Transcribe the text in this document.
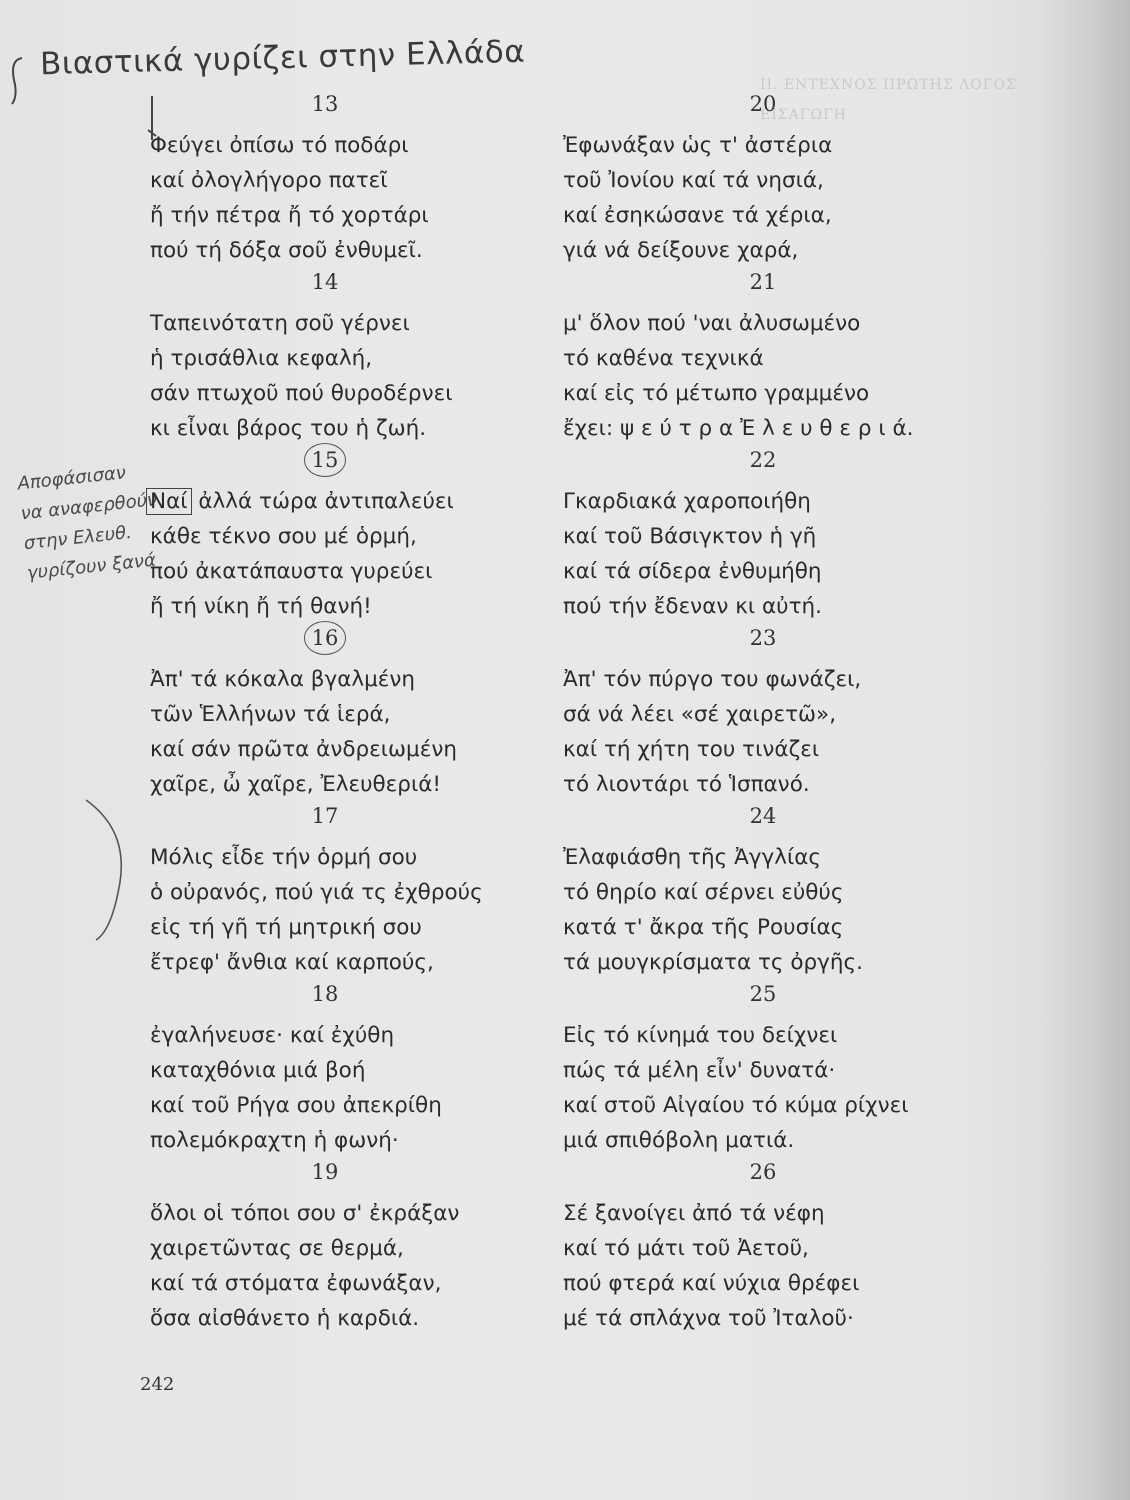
II. ΕΝΤΕΧΝΟΣ ΠΡΩΤΗΣ ΛΟΓΟΣ
ΕΙΣΑΓΩΓΗ
Βιαστικά γυρίζει στην Ελλάδα
Αποφάσισαν
να αναφερθούν
στην Ελευθ.
γυρίζουν ξανά
13
Φεύγει ὀπίσω τό ποδάρι
καί ὀλογλήγορο πατεῖ
ἤ τήν πέτρα ἤ τό χορτάρι
πού τή δόξα σοῦ ἐνθυμεῖ.
14
Ταπεινότατη σοῦ γέρνει
ἡ τρισάθλια κεφαλή,
σάν πτωχοῦ πού θυροδέρνει
κι εἶναι βάρος του ἡ ζωή.
15
Ναί ἀλλά τώρα ἀντιπαλεύει
κάθε τέκνο σου μέ ὁρμή,
πού ἀκατάπαυστα γυρεύει
ἤ τή νίκη ἤ τή θανή!
16
Ἀπ' τά κόκαλα βγαλμένη
τῶν Ἑλλήνων τά ἱερά,
καί σάν πρῶτα ἀνδρειωμένη
χαῖρε, ὦ χαῖρε, Ἐλευθεριά!
17
Μόλις εἶδε τήν ὁρμή σου
ὁ οὐρανός, πού γιά τς ἐχθρούς
εἰς τή γῆ τή μητρική σου
ἔτρεφ' ἄνθια καί καρπούς,
18
ἐγαλήνευσε· καί ἐχύθη
καταχθόνια μιά βοή
καί τοῦ Ρήγα σου ἀπεκρίθη
πολεμόκραχτη ἡ φωνή·
19
ὅλοι οἱ τόποι σου σ' ἐκράξαν
χαιρετῶντας σε θερμά,
καί τά στόματα ἐφωνάξαν,
ὅσα αἰσθάνετο ἡ καρδιά.
20
Ἐφωνάξαν ὡς τ' ἀστέρια
τοῦ Ἰονίου καί τά νησιά,
καί ἐσηκώσανε τά χέρια,
γιά νά δείξουνε χαρά,
21
μ' ὅλον πού 'ναι ἀλυσωμένο
τό καθένα τεχνικά
καί εἰς τό μέτωπο γραμμένο
ἔχει: ψ ε ύ τ ρ α Ἐ λ ε υ θ ε ρ ι ά.
22
Γκαρδιακά χαροποιήθη
καί τοῦ Βάσιγκτον ἡ γῆ
καί τά σίδερα ἐνθυμήθη
πού τήν ἔδεναν κι αὐτή.
23
Ἀπ' τόν πύργο του φωνάζει,
σά νά λέει «σέ χαιρετῶ»,
καί τή χήτη του τινάζει
τό λιοντάρι τό Ἱσπανό.
24
Ἐλαφιάσθη τῆς Ἀγγλίας
τό θηρίο καί σέρνει εὐθύς
κατά τ' ἄκρα τῆς Ρουσίας
τά μουγκρίσματα τς ὀργῆς.
25
Εἰς τό κίνημά του δείχνει
πώς τά μέλη εἶν' δυνατά·
καί στοῦ Αἰγαίου τό κύμα ρίχνει
μιά σπιθόβολη ματιά.
26
Σέ ξανοίγει ἀπό τά νέφη
καί τό μάτι τοῦ Ἀετοῦ,
πού φτερά καί νύχια θρέφει
μέ τά σπλάχνα τοῦ Ἰταλοῦ·
242
